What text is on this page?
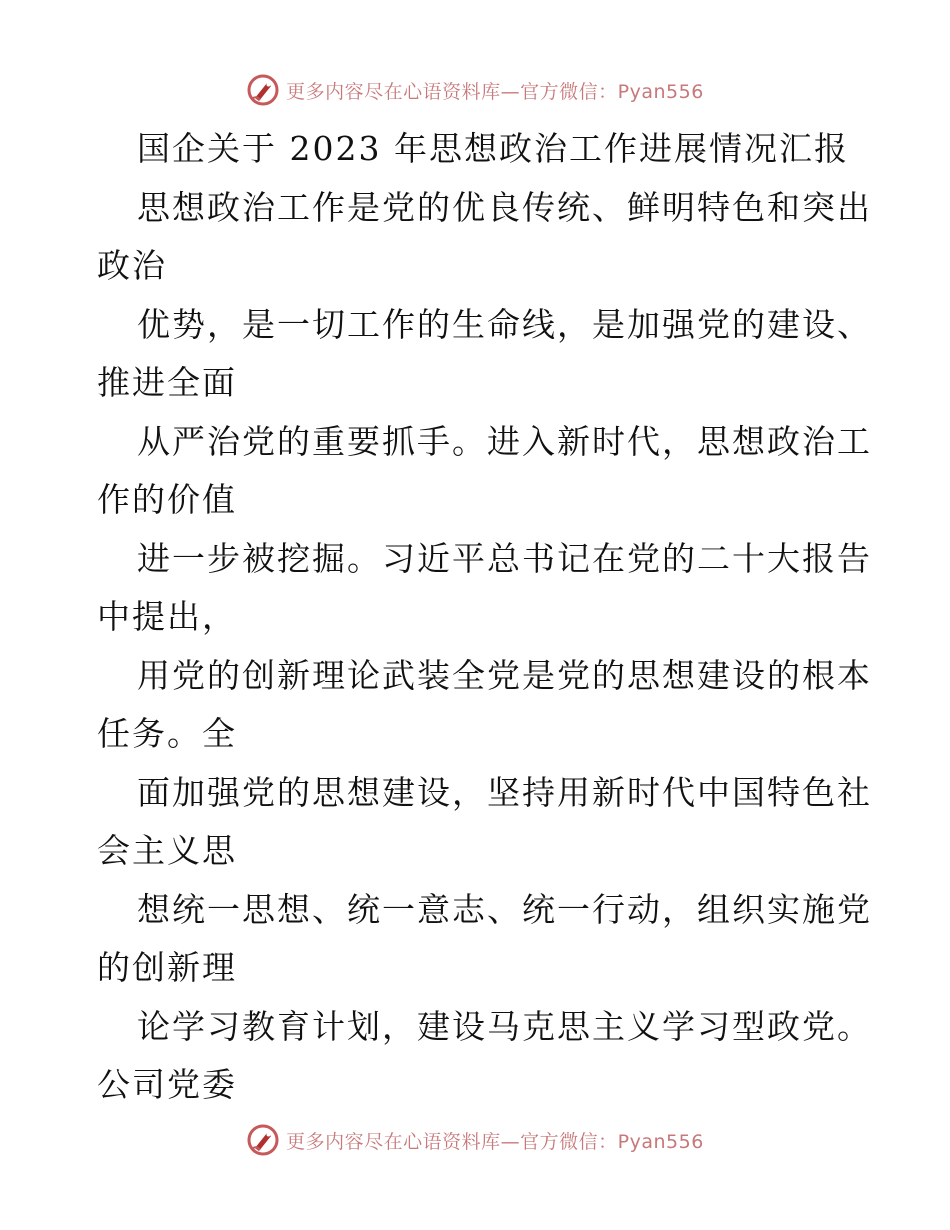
更多内容尽在心语资料库—官方微信：Pyan556
国企关于 2023 年思想政治工作进展情况汇报
思想政治工作是党的优良传统、鲜明特色和突出
政治
优势，是一切工作的生命线，是加强党的建设、
推进全面
从严治党的重要抓手。进入新时代，思想政治工
作的价值
进一步被挖掘。习近平总书记在党的二十大报告
中提出，
用党的创新理论武装全党是党的思想建设的根本
任务。全
面加强党的思想建设，坚持用新时代中国特色社
会主义思
想统一思想、统一意志、统一行动，组织实施党
的创新理
论学习教育计划，建设马克思主义学习型政党。
公司党委
更多内容尽在心语资料库—官方微信：Pyan556
